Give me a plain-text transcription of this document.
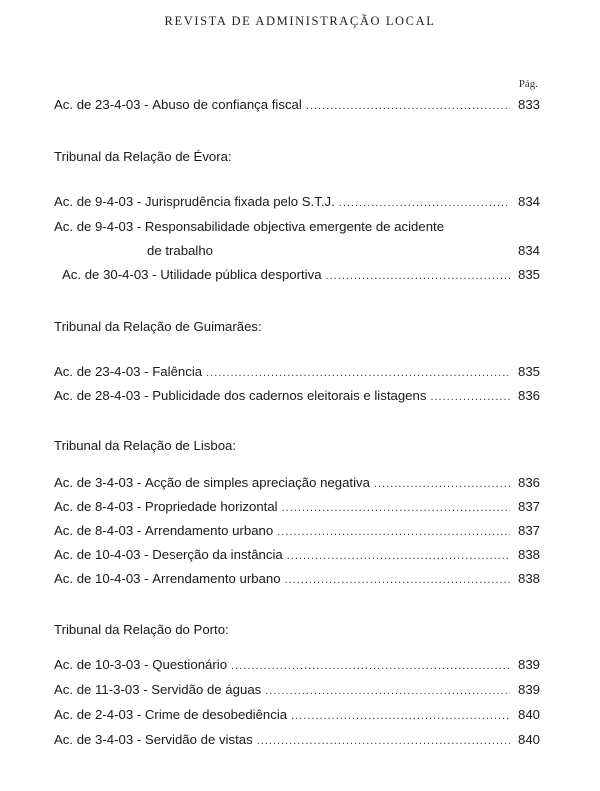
REVISTA DE ADMINISTRAÇÃO LOCAL
Pág.
Ac. de 23-4-03 - Abuso de confiança fiscal .....	833
Tribunal da Relação de Évora:
Ac. de 9-4-03 - Jurisprudência fixada pelo S.T.J. .....	834
Ac. de 9-4-03 - Responsabilidade objectiva emergente de acidente
de trabalho	834
Ac. de 30-4-03 - Utilidade pública desportiva .....	835
Tribunal da Relação de Guimarães:
Ac. de 23-4-03 - Falência .....	835
Ac. de 28-4-03 - Publicidade dos cadernos eleitorais e listagens .....	836
Tribunal da Relação de Lisboa:
Ac. de 3-4-03 - Acção de simples apreciação negativa .....	836
Ac. de 8-4-03 - Propriedade horizontal .....	837
Ac. de 8-4-03 - Arrendamento urbano .....	837
Ac. de 10-4-03 - Deserção da instância .....	838
Ac. de 10-4-03 - Arrendamento urbano .....	838
Tribunal da Relação do Porto:
Ac. de 10-3-03 - Questionário .....	839
Ac. de 11-3-03 - Servidão de águas .....	839
Ac. de 2-4-03 - Crime de desobediência .....	840
Ac. de 3-4-03 - Servidão de vistas .....	840
